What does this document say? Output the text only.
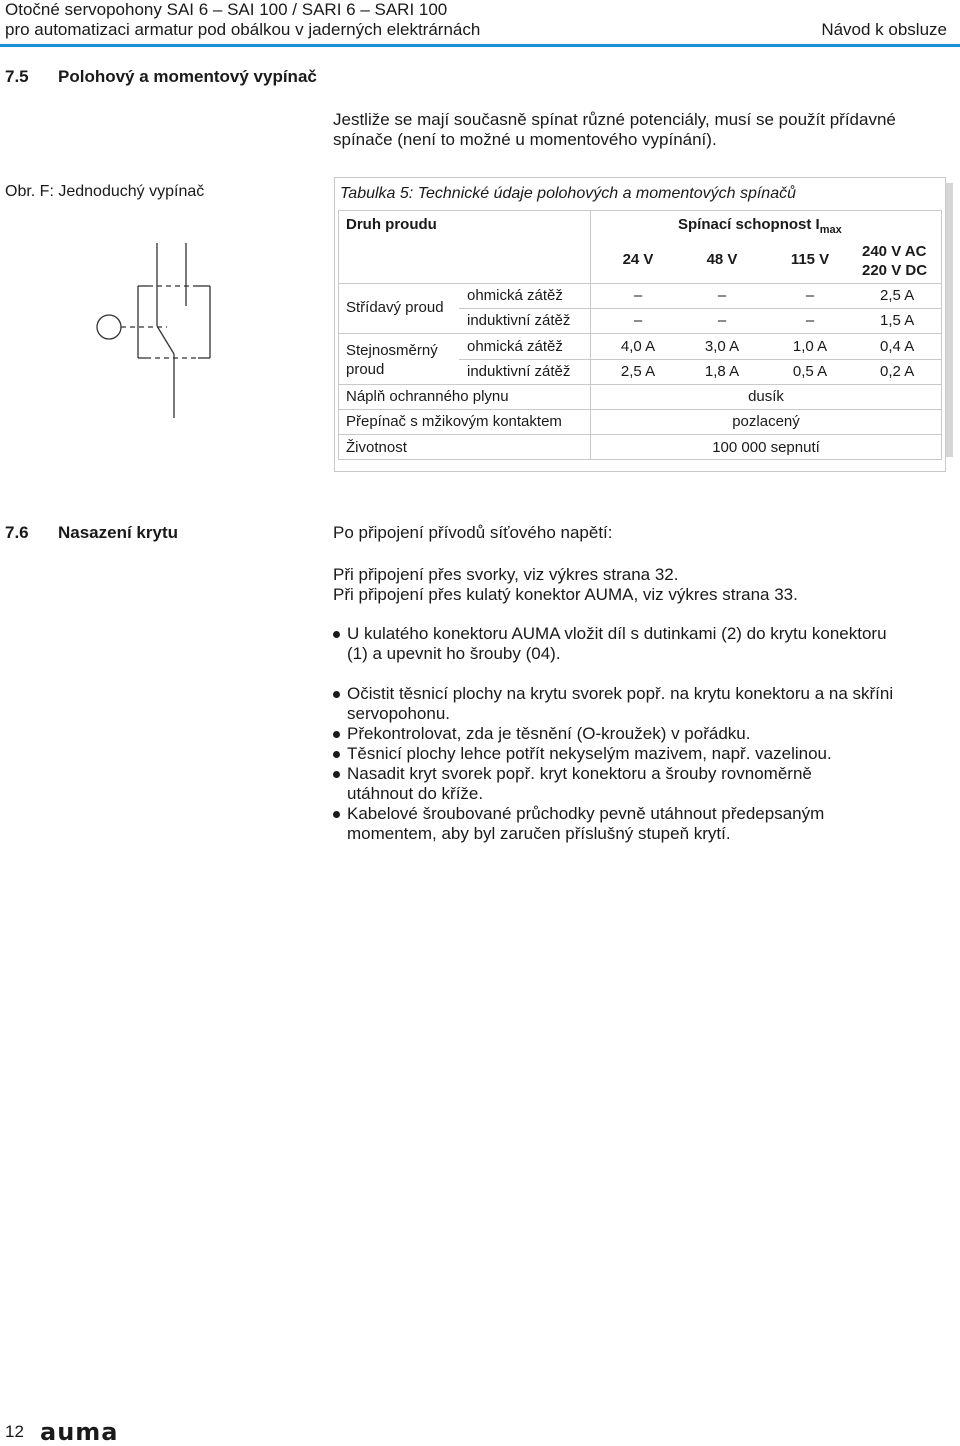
Otočné servopohony SAI 6 – SAI 100 / SARI 6 – SARI 100
pro automatizaci armatur pod obálkou v jaderných elektrárnách	Návod k obsluze
7.5 Polohový a momentový vypínač
Jestliže se mají současně spínat různé potenciály, musí se použít přídavné
spínače (není to možné u momentového vypínání).
Obr. F: Jednoduchý vypínač	Tabulka 5: Technické údaje polohových a momentových spínačů
Druh proudu	Spínací schopnost $I_{max}$
24 V	48 V	115 V	240 V AC
220 V DC
Střídavý proud
ohmická zátěž	–	–	–	2,5 A
induktivní zátěž	–	–	–	1,5 A
Stejnosměrný
proud
ohmická zátěž	4,0 A	3,0 A	1,0 A	0,4 A
induktivní zátěž	2,5 A	1,8 A	0,5 A	0,2 A
Náplň ochranného plynu	dusík
Přepínač s mžikovým kontaktem	pozlacený
Životnost	100 000 sepnutí
7.6 Nasazení krytu	Po připojení přívodů síťového napětí:
Při připojení přes svorky, viz výkres strana 32.
Při připojení přes kulatý konektor AUMA, viz výkres strana 33.
U kulatého konektoru AUMA vložit díl s dutinkami (2) do krytu konektoru
(1) a upevnit ho šrouby (04).
Očistit těsnicí plochy na krytu svorek popř. na krytu konektoru a na skříni
servopohonu.
Překontrolovat, zda je těsnění (O-kroužek) v pořádku.
Těsnicí plochy lehce potřít nekyselým mazivem, např. vazelinou.
Nasadit kryt svorek popř. kryt konektoru a šrouby rovnoměrně
utáhnout do kříže.
Kabelové šroubované průchodky pevně utáhnout předepsaným
momentem, aby byl zaručen příslušný stupeň krytí.
12 auma
